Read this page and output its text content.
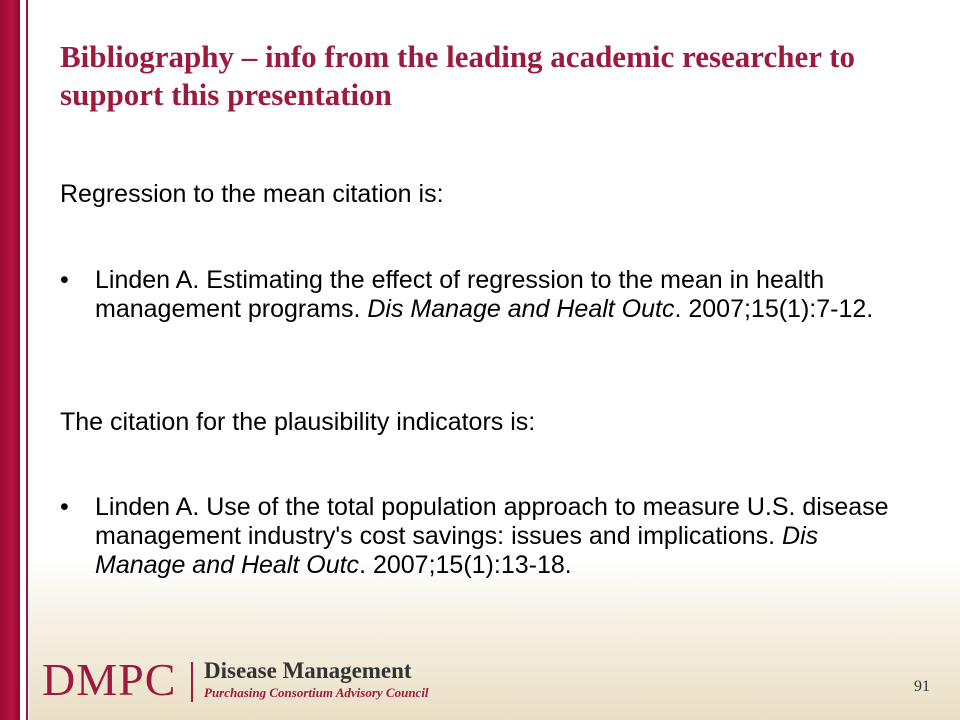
Bibliography – info from the leading academic researcher to support this presentation
Regression to the mean citation is:
• Linden A. Estimating the effect of regression to the mean in health management programs. Dis Manage and Healt Outc. 2007;15(1):7-12.
The citation for the plausibility indicators is:
• Linden A. Use of the total population approach to measure U.S. disease management industry's cost savings: issues and implications. Dis Manage and Healt Outc. 2007;15(1):13-18.
DMPC Disease Management
Purchasing Consortium Advisory Council	91
